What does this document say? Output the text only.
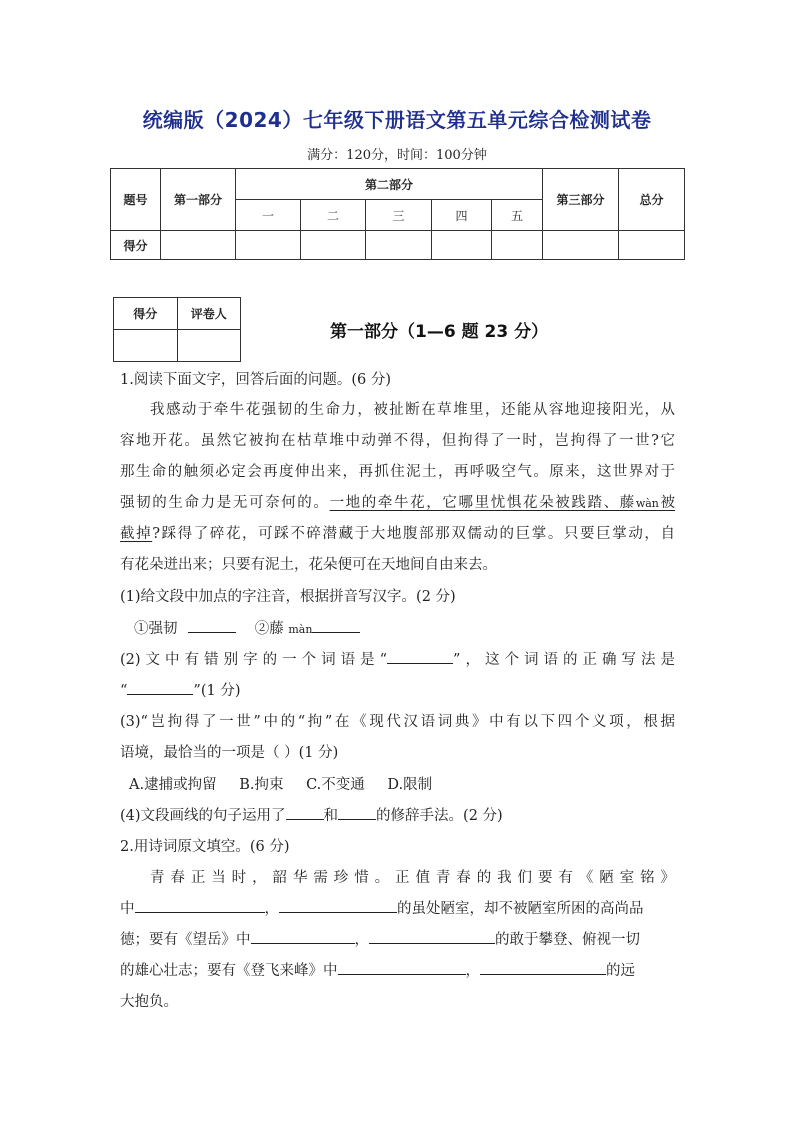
统编版（2024）七年级下册语文第五单元综合检测试卷
满分：120分，时间：100分钟
题号	第一部分	第二部分					第三部分	总分
		一	二	三	四	五		
得分								
得分	评卷人

第一部分（1—6 题 23 分）
1.阅读下面文字，回答后面的问题。(6 分)
我感动于牵牛花强韧的生命力，被扯断在草堆里，还能从容地迎接阳光，从
容地开花。虽然它被拘在枯草堆中动弹不得，但拘得了一时，岂拘得了一世?它
那生命的触须必定会再度伸出来，再抓住泥土，再呼吸空气。原来，这世界对于
强韧的生命力是无可奈何的。一地的牵牛花，它哪里忧惧花朵被践踏、藤wàn被
截掉?踩得了碎花，可踩不碎潜藏于大地腹部那双儒动的巨掌。只要巨掌动，自
有花朵迸出来；只要有泥土，花朵便可在天地间自由来去。
(1)给文段中加点的字注音，根据拼音写汉字。(2 分)
①强韧	②藤 màn
(2)文中有错别字的一个词语是“	”，这个词语的正确写法是
“	”(1 分)
(3)“岂拘得了一世”中的“拘”在《现代汉语词典》中有以下四个义项，根据
语境，最恰当的一项是（ ）(1 分)
A.逮捕或拘留 B.拘束 C.不变通 D.限制
(4)文段画线的句子运用了	和	的修辞手法。(2 分)
2.用诗词原文填空。(6 分)
青春正当时，韶华需珍惜。正值青春的我们要有《陋室铭》
中	，	的虽处陋室，却不被陋室所困的高尚品
德；要有《望岳》中	，	的敢于攀登、俯视一切
的雄心壮志；要有《登飞来峰》中	，	的远
大抱负。
